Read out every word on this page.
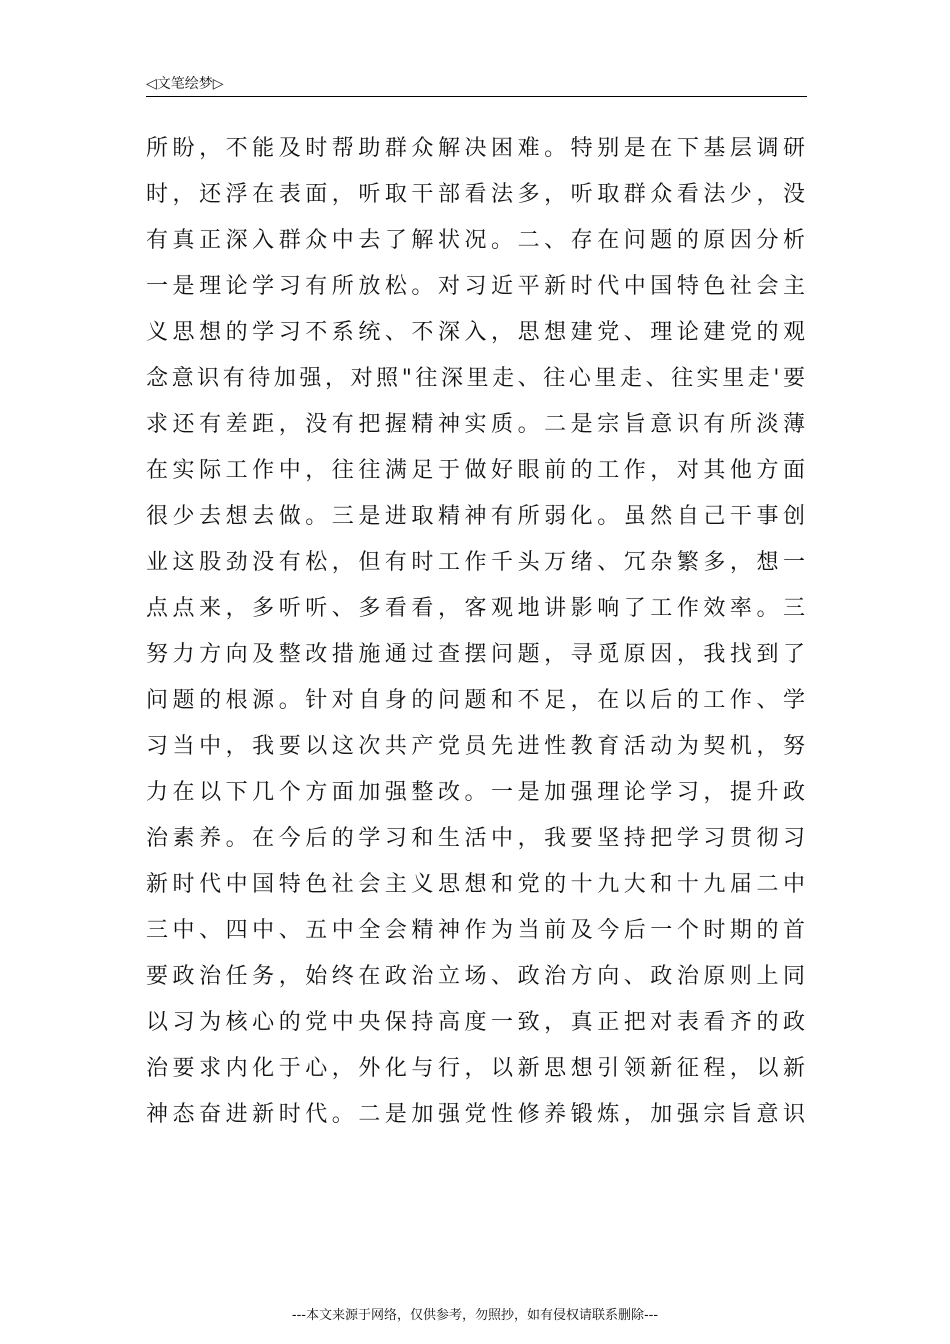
◁文笔绘梦▷
所盼，不能及时帮助群众解决困难。特别是在下基层调研
时，还浮在表面，听取干部看法多，听取群众看法少，没
有真正深入群众中去了解状况。二、存在问题的原因分析
一是理论学习有所放松。对习近平新时代中国特色社会主
义思想的学习不系统、不深入，思想建党、理论建党的观
念意识有待加强，对照"往深里走、往心里走、往实里走'要
求还有差距，没有把握精神实质。二是宗旨意识有所淡薄
在实际工作中，往往满足于做好眼前的工作，对其他方面
很少去想去做。三是进取精神有所弱化。虽然自己干事创
业这股劲没有松，但有时工作千头万绪、冗杂繁多，想一
点点来，多听听、多看看，客观地讲影响了工作效率。三
努力方向及整改措施通过查摆问题，寻觅原因，我找到了
问题的根源。针对自身的问题和不足，在以后的工作、学
习当中，我要以这次共产党员先进性教育活动为契机，努
力在以下几个方面加强整改。一是加强理论学习，提升政
治素养。在今后的学习和生活中，我要坚持把学习贯彻习
新时代中国特色社会主义思想和党的十九大和十九届二中
三中、四中、五中全会精神作为当前及今后一个时期的首
要政治任务，始终在政治立场、政治方向、政治原则上同
以习为核心的党中央保持高度一致，真正把对表看齐的政
治要求内化于心，外化与行，以新思想引领新征程，以新
神态奋进新时代。二是加强党性修养锻炼，加强宗旨意识
---本文来源于网络，仅供参考，勿照抄，如有侵权请联系删除---
